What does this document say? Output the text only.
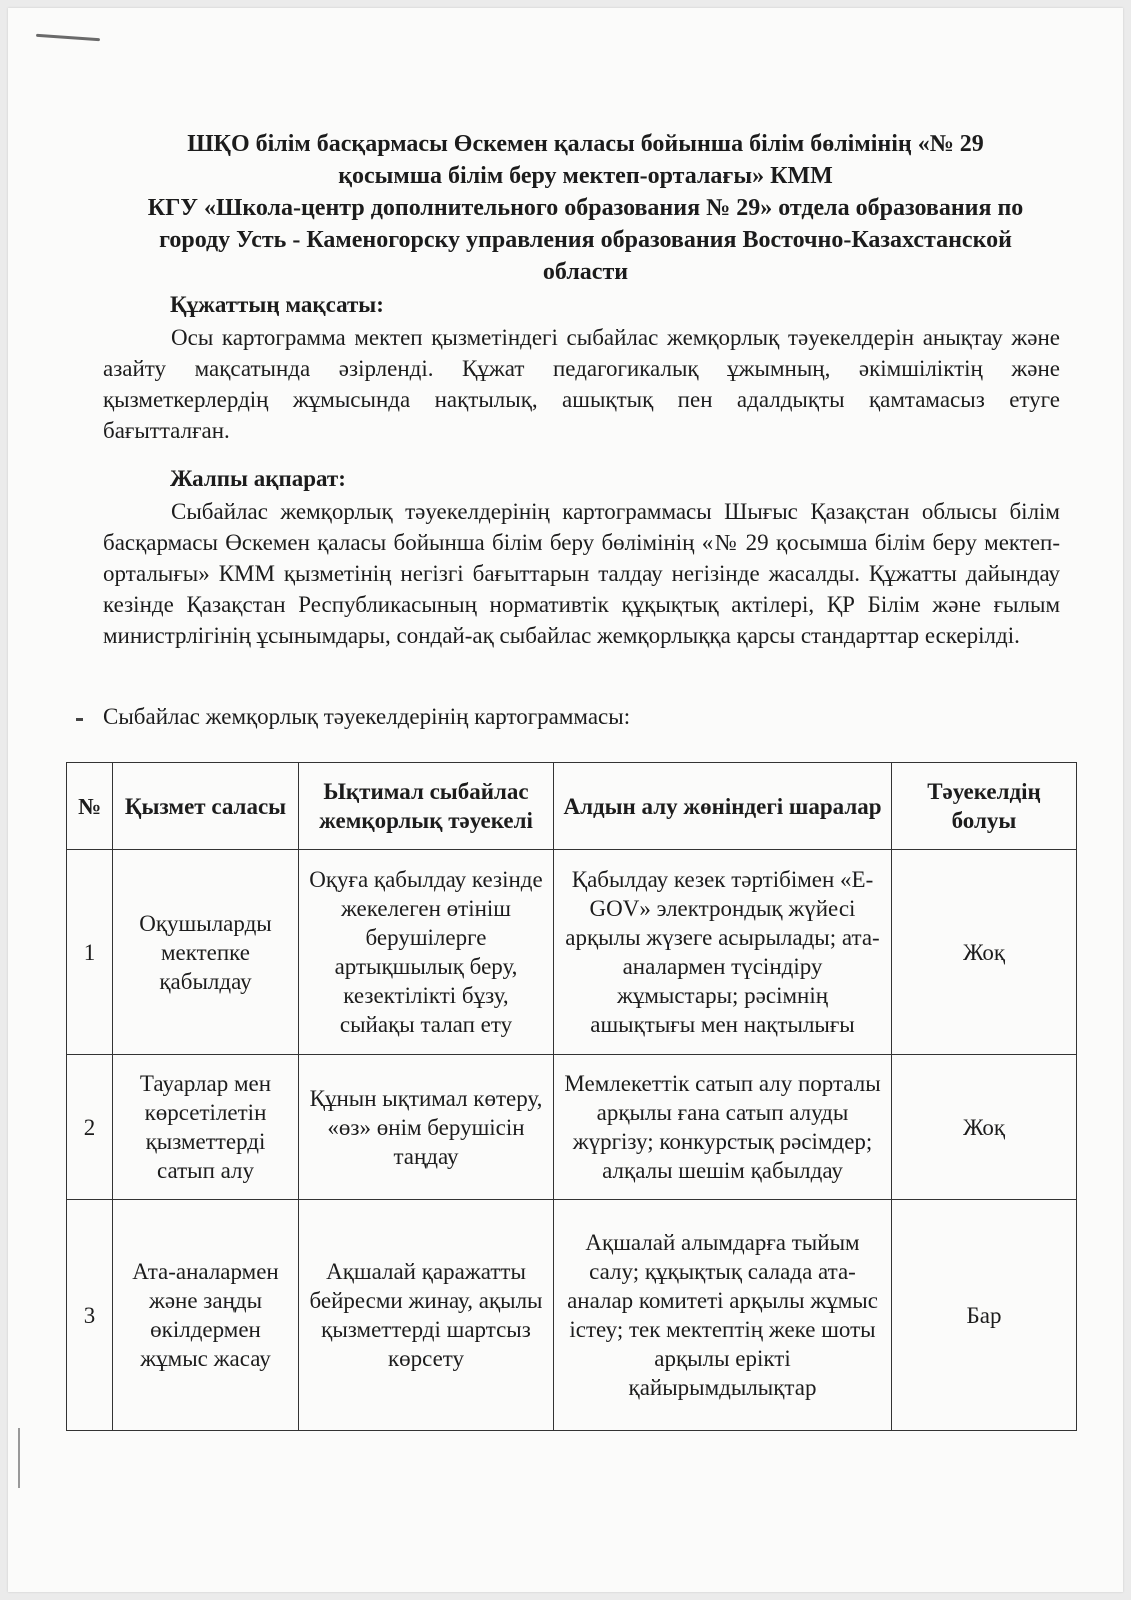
ШҚО білім басқармасы Өскемен қаласы бойынша білім бөлімінің «№ 29

қосымша білім беру мектеп-орталағы» КММ

КГУ «Школа-центр дополнительного образования № 29» отдела образования по

городу Усть - Каменогорску управления образования Восточно-Казахстанской

области

Құжаттың мақсаты:
Осы картограмма мектеп қызметіндегі сыбайлас жемқорлық тәуекелдерін анықтау және азайту мақсатында әзірленді. Құжат педагогикалық ұжымның, әкімшіліктің және қызметкерлердің жұмысында нақтылық, ашықтық пен адалдықты қамтамасыз етуге бағытталған.
Жалпы ақпарат:
Сыбайлас жемқорлық тәуекелдерінің картограммасы Шығыс Қазақстан облысы білім басқармасы Өскемен қаласы бойынша білім беру бөлімінің «№ 29 қосымша білім беру мектеп-орталығы» КММ қызметінің негізгі бағыттарын талдау негізінде жасалды. Құжатты дайындау кезінде Қазақстан Республикасының нормативтік құқықтық актілері, ҚР Білім және ғылым министрлігінің ұсынымдары, сондай-ақ сыбайлас жемқорлыққа қарсы стандарттар ескерілді.
Сыбайлас жемқорлық тәуекелдерінің картограммасы:
№	Қызмет саласы	Ықтимал сыбайлас жемқорлық тәуекелі	Алдын алу жөніндегі шаралар	Тәуекелдің болуы
1	Оқушыларды мектепке қабылдау	Оқуға қабылдау кезінде жекелеген өтініш берушілерге артықшылық беру, кезектілікті бұзу, сыйақы талап ету	Қабылдау кезек тәртібімен «E-GOV» электрондық жүйесі арқылы жүзеге асырылады; ата-аналармен түсіндіру жұмыстары; рәсімнің ашықтығы мен нақтылығы	Жоқ
2	Тауарлар мен көрсетілетін қызметтерді сатып алу	Құнын ықтимал көтеру, «өз» өнім берушісін таңдау	Мемлекеттік сатып алу порталы арқылы ғана сатып алуды жүргізу; конкурстық рәсімдер; алқалы шешім қабылдау	Жоқ
3	Ата-аналармен және заңды өкілдермен жұмыс жасау	Ақшалай қаражатты бейресми жинау, ақылы қызметтерді шартсыз көрсету	Ақшалай алымдарға тыйым салу; құқықтық салада ата-аналар комитеті арқылы жұмыс істеу; тек мектептің жеке шоты арқылы ерікті қайырымдылықтар	Бар
